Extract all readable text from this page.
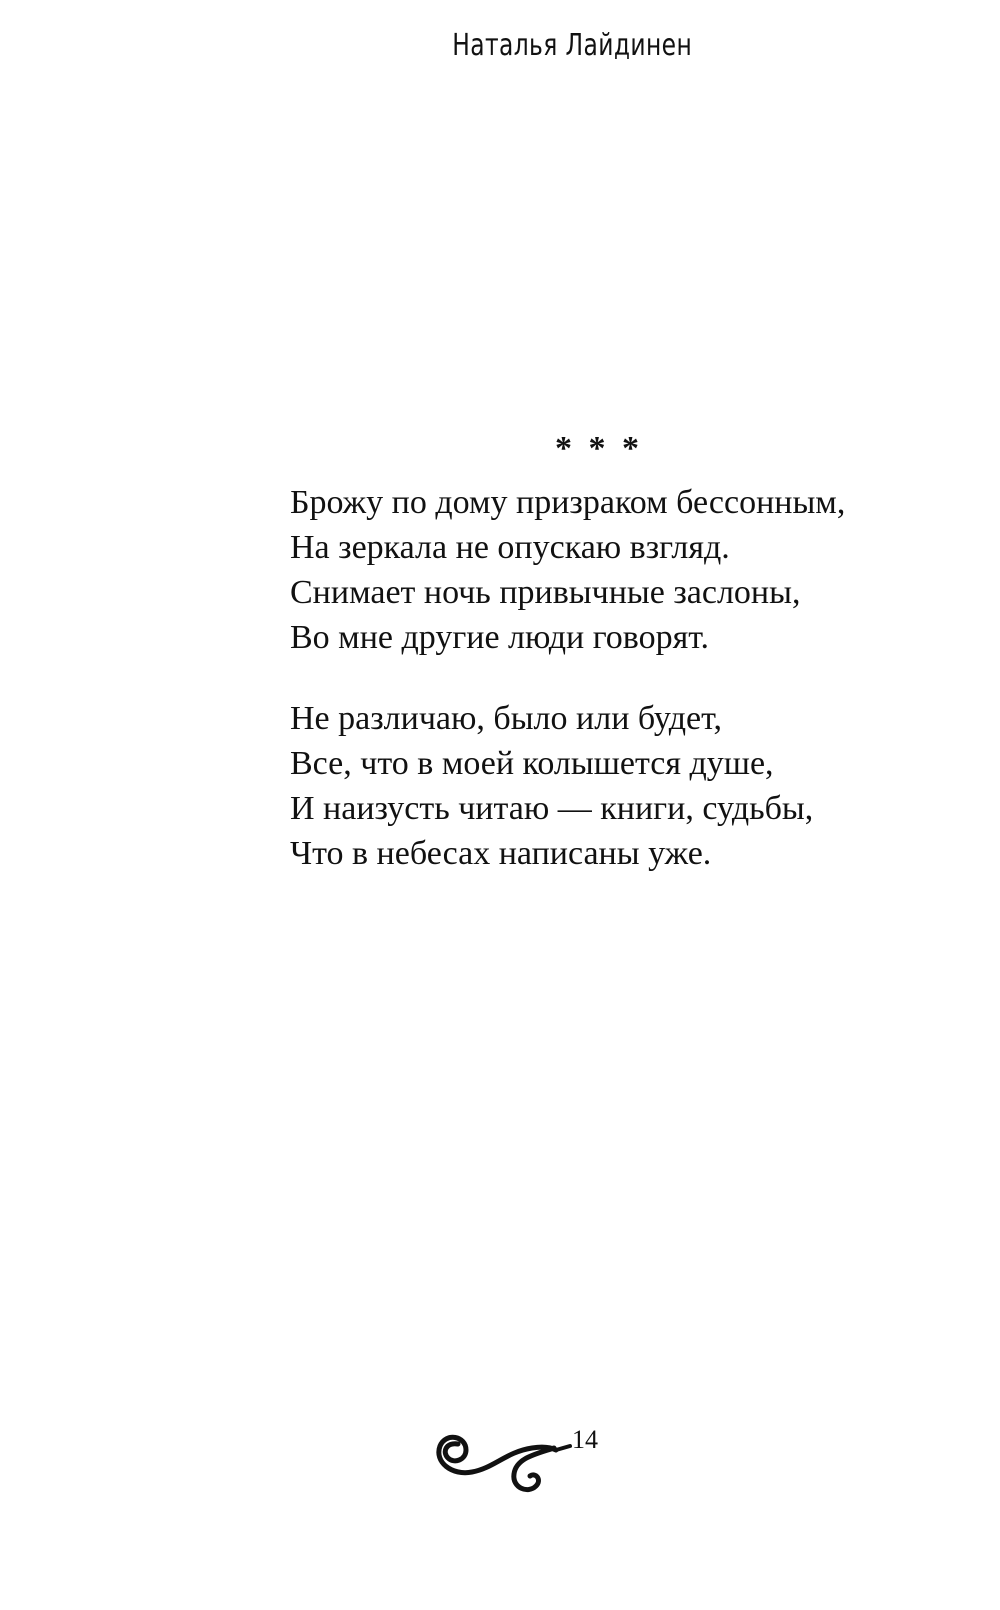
Наталья Лайдинен
* * *
Брожу по дому призраком бессонным,
На зеркала не опускаю взгляд.
Снимает ночь привычные заслоны,
Во мне другие люди говорят.
Не различаю, было или будет,
Все, что в моей колышется душе,
И наизусть читаю — книги, судьбы,
Что в небесах написаны уже.
14
